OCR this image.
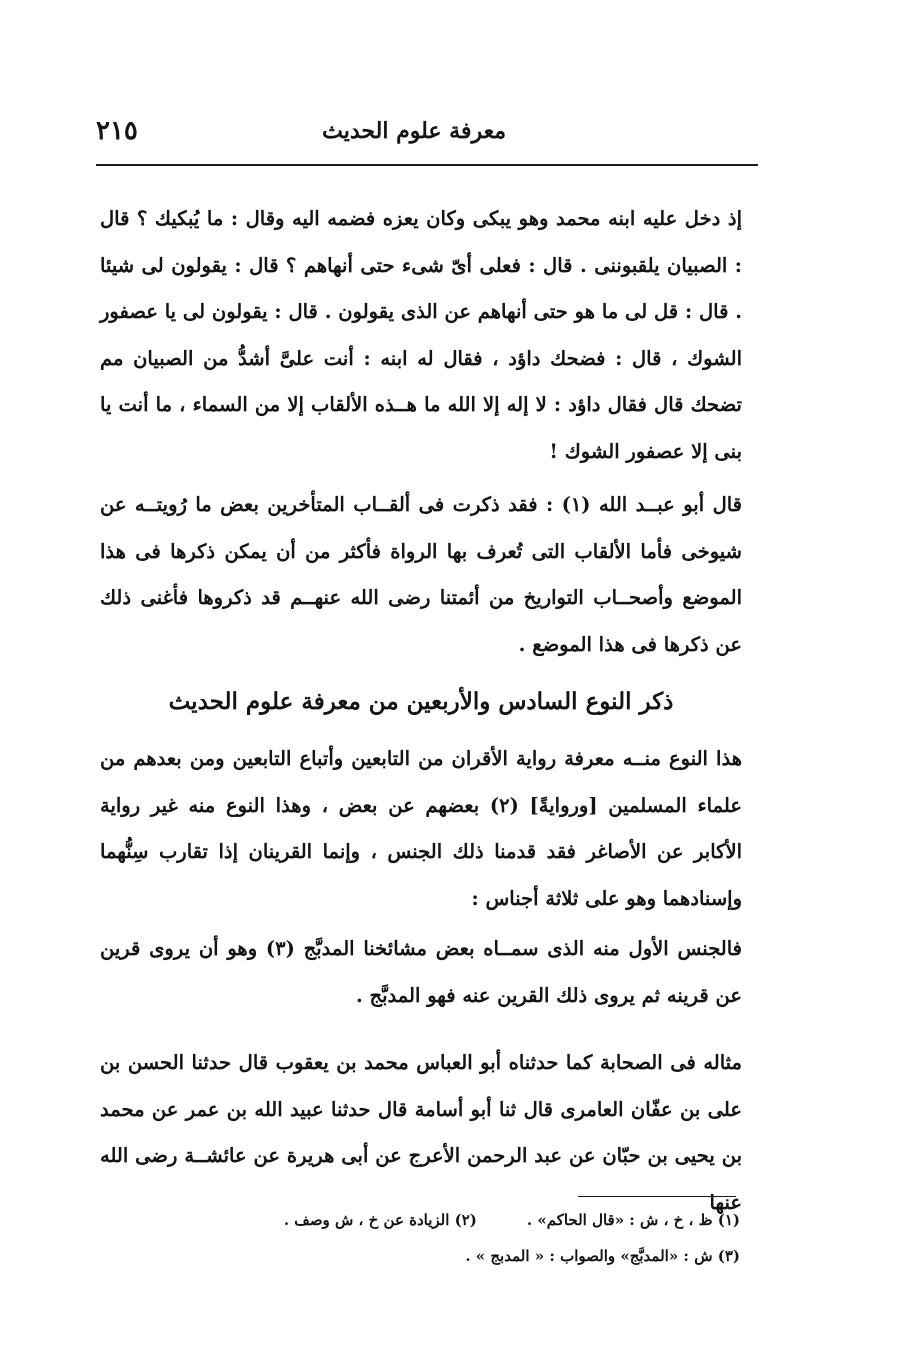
معرفة علوم الحديث
٢١٥

إذ دخل عليه ابنه محمد وهو يبكى وكان يعزه فضمه اليه وقال : ما يُبكيك ؟ قال : الصبيان يلقبوننى . قال : فعلى أىّ شىء حتى أنهاهم ؟ قال : يقولون لى شيئا . قال : قل لى ما هو حتى أنهاهم عن الذى يقولون . قال : يقولون لى يا عصفور الشوك ، قال : فضحك داؤد ، فقال له ابنه : أنت علىَّ أشدُّ من الصبيان مم تضحك قال فقال داؤد : لا إله إلا الله ما هــذه الألقاب إلا من السماء ، ما أنت يا بنى إلا عصفور الشوك !

قال أبو عبــد الله (١) : فقد ذكرت فى ألقــاب المتأخرين بعض ما رُويتــه عن شيوخى فأما الألقاب التى تُعرف بها الرواة فأكثر من أن يمكن ذكرها فى هذا الموضع وأصحــاب التواريخ من أئمتنا رضى الله عنهــم قد ذكروها فأغنى ذلك عن ذكرها فى هذا الموضع .

ذكر النوع السادس والأربعين من معرفة علوم الحديث

هذا النوع منــه معرفة رواية الأقران من التابعين وأتباع التابعين ومن بعدهم من علماء المسلمين [وروايةً] (٢) بعضهم عن بعض ، وهذا النوع منه غير رواية الأكابر عن الأصاغر فقد قدمنا ذلك الجنس ، وإنما القرينان إذا تقارب سِنُّهما وإسنادهما وهو على ثلاثة أجناس :

فالجنس الأول منه الذى سمــاه بعض مشائخنا المدبَّج (٣) وهو أن يروى قرين عن قرينه ثم يروى ذلك القرين عنه فهو المدبَّج .

مثاله فى الصحابة كما حدثناه أبو العباس محمد بن يعقوب قال حدثنا الحسن بن على بن عفّان العامرى قال ثنا أبو أسامة قال حدثنا عبيد الله بن عمر عن محمد بن يحيى بن حبّان عن عبد الرحمن الأعرج عن أبى هريرة عن عائشــة رضى الله عنها

(١) ظ ، خ ، ش : «قال الحاكم» .
(٢) الزيادة عن خ ، ش وصف .
(٣) ش : «المدبَّج» والصواب : « المدبج » .
